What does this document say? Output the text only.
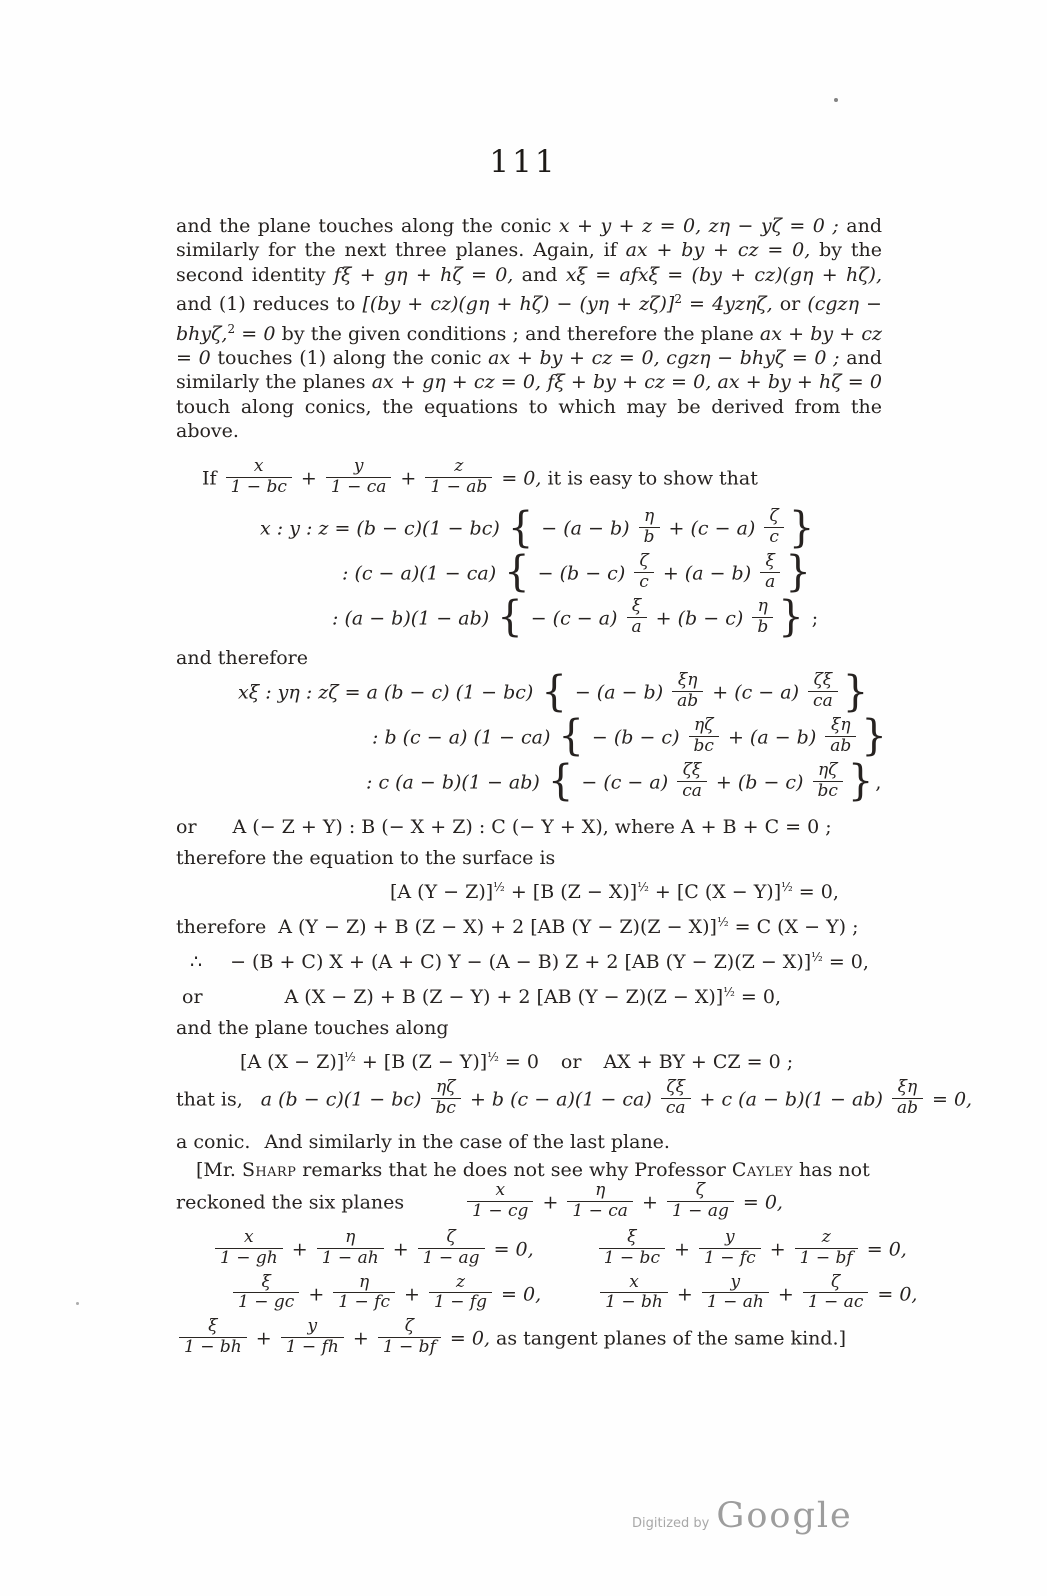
111
and the plane touches along the conic x + y + z = 0, zη − yζ = 0 ; and similarly for the next three planes. Again, if ax + by + cz = 0, by the second identity fξ + gη + hζ = 0, and xξ = afxξ = (by + cz)(gη + hζ), and (1) reduces to $[(by + cz)(g\eta + h\zeta) - (y\eta + z\zeta)]^2 = 4yz\eta\zeta$, or (cgzη − bhyζ,$^2$ = 0 by the given conditions ; and therefore the plane ax + by + cz = 0 touches (1) along the conic ax + by + cz = 0, cgzη − bhyζ = 0 ; and similarly the planes ax + gη + cz = 0, fξ + by + cz = 0, ax + by + hζ = 0 touch along conics, the equations to which may be derived from the above.
If $\frac{x}{1 - bc} + \frac{y}{1 - ca} + \frac{z}{1 - ab} = 0$, it is easy to show that
x : y : z = (b − c)(1 − bc) { − $(a - b) \frac{\eta}{b} + (c - a) \frac{\zeta}{c}$ }
: (c − a)(1 − ca) { − $(b - c) \frac{\zeta}{c} + (a - b) \frac{\xi}{a}$ }
: (a − b)(1 − ab) { − $(c - a) \frac{\xi}{a} + (b - c) \frac{\eta}{b}$ } ;
and therefore
xξ : yη : zζ = a (b − c) (1 − bc) { − $(a - b) \frac{\xi\eta}{ab} + (c - a) \frac{\zeta\xi}{ca}$ }
: b (c − a) (1 − ca) { − $(b - c) \frac{\eta\zeta}{bc} + (a - b) \frac{\xi\eta}{ab}$ }
: c (a − b)(1 − ab) { − $(c - a) \frac{\zeta\xi}{ca} + (b - c) \frac{\eta\zeta}{bc}$ } ,
or A (− Z + Y) : B (− X + Z) : C (− Y + X), where A + B + C = 0 ;
therefore the equation to the surface is
[A (Y − Z)]$^{\frac{1}{2}}$ + [B (Z − X)]$^{\frac{1}{2}}$ + [C (X − Y)]$^{\frac{1}{2}}$ = 0,
therefore A (Y − Z) + B (Z − X) + 2 [AB (Y − Z)(Z − X)]$^{\frac{1}{2}}$ = C (X − Y) ;
∴ − (B + C) X + (A + C) Y − (A − B) Z + 2 [AB (Y − Z)(Z − X)]$^{\frac{1}{2}}$ = 0,
or	A (X − Z) + B (Z − Y) + 2 [AB (Y − Z)(Z − X)]$^{\frac{1}{2}}$ = 0,
and the plane touches along
[A (X − Z)]$^{\frac{1}{2}}$ + [B (Z − Y)]$^{\frac{1}{2}}$ = 0 or AX + BY + CZ = 0 ;
that is, a $(b - c)(1 - bc) \frac{\eta\zeta}{bc} + b$ $(c - a)(1 - ca) \frac{\zeta\xi}{ca} + c$ $(a - b)(1 - ab) \frac{\xi\eta}{ab} = 0$,
a conic. And similarly in the case of the last plane.
[Mr. Sharp remarks that he does not see why Professor Cayley has not
reckoned the six planes	$\frac{x}{1 - cg} + \frac{\eta}{1 - ca} + \frac{\zeta}{1 - ag} = 0$,
$\frac{x}{1 - gh} + \frac{\eta}{1 - ah} + \frac{\zeta}{1 - ag} = 0$,	$\frac{\xi}{1 - bc} + \frac{y}{1 - fc} + \frac{z}{1 - bf} = 0$,
$\frac{\xi}{1 - gc} + \frac{\eta}{1 - fc} + \frac{z}{1 - fg} = 0$,	$\frac{x}{1 - bh} + \frac{y}{1 - ah} + \frac{\zeta}{1 - ac} = 0$,
$\frac{\xi}{1 - bh} + \frac{y}{1 - fh} + \frac{\zeta}{1 - bf} = 0$, as tangent planes of the same kind.]
Digitized by Google
